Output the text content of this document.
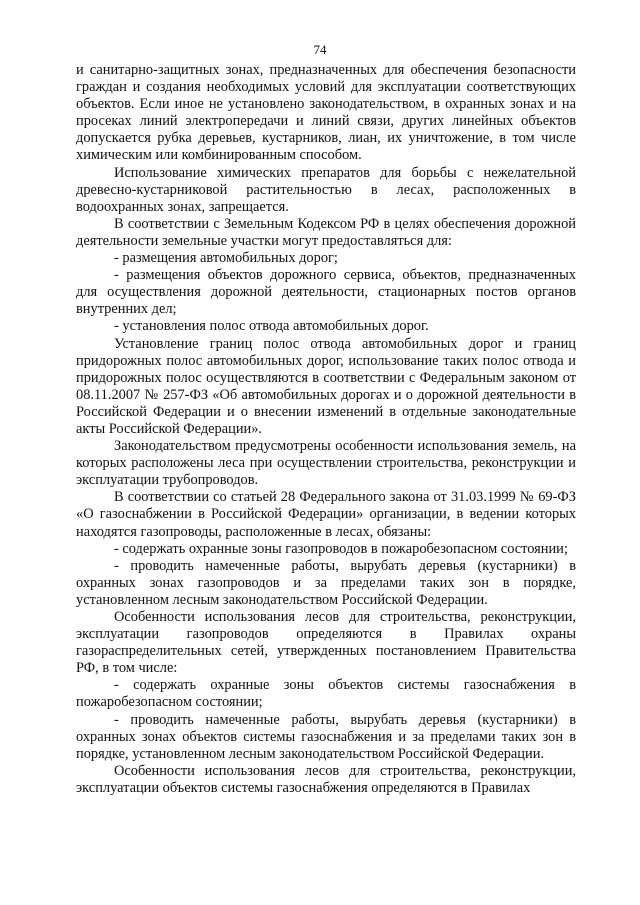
74

и санитарно-защитных зонах, предназначенных для обеспечения безопасности граждан и создания необходимых условий для эксплуатации соответствующих объектов. Если иное не установлено законодательством, в охранных зонах и на просеках линий электропередачи и линий связи, других линейных объектов допускается рубка деревьев, кустарников, лиан, их уничтожение, в том числе химическим или комбинированным способом.

Использование химических препаратов для борьбы с нежелательной древесно-кустарниковой растительностью в лесах, расположенных в водоохранных зонах, запрещается.

В соответствии с Земельным Кодексом РФ в целях обеспечения дорожной деятельности земельные участки могут предоставляться для:

- размещения автомобильных дорог;

- размещения объектов дорожного сервиса, объектов, предназначенных для осуществления дорожной деятельности, стационарных постов органов внутренних дел;

- установления полос отвода автомобильных дорог.

Установление границ полос отвода автомобильных дорог и границ придорожных полос автомобильных дорог, использование таких полос отвода и придорожных полос осуществляются в соответствии с Федеральным законом от 08.11.2007 № 257-ФЗ «Об автомобильных дорогах и о дорожной деятельности в Российской Федерации и о внесении изменений в отдельные законодательные акты Российской Федерации».

Законодательством предусмотрены особенности использования земель, на которых расположены леса при осуществлении строительства, реконструкции и эксплуатации трубопроводов.

В соответствии со статьей 28 Федерального закона от 31.03.1999 № 69-ФЗ «О газоснабжении в Российской Федерации» организации, в ведении которых находятся газопроводы, расположенные в лесах, обязаны:

- содержать охранные зоны газопроводов в пожаробезопасном состоянии;

- проводить намеченные работы, вырубать деревья (кустарники) в охранных зонах газопроводов и за пределами таких зон в порядке, установленном лесным законодательством Российской Федерации.

Особенности использования лесов для строительства, реконструкции, эксплуатации газопроводов определяются в Правилах охраны газораспределительных сетей, утвержденных постановлением Правительства РФ, в том числе:

- содержать охранные зоны объектов системы газоснабжения в пожаробезопасном состоянии;

- проводить намеченные работы, вырубать деревья (кустарники) в охранных зонах объектов системы газоснабжения и за пределами таких зон в порядке, установленном лесным законодательством Российской Федерации.

Особенности использования лесов для строительства, реконструкции, эксплуатации объектов системы газоснабжения определяются в Правилах
